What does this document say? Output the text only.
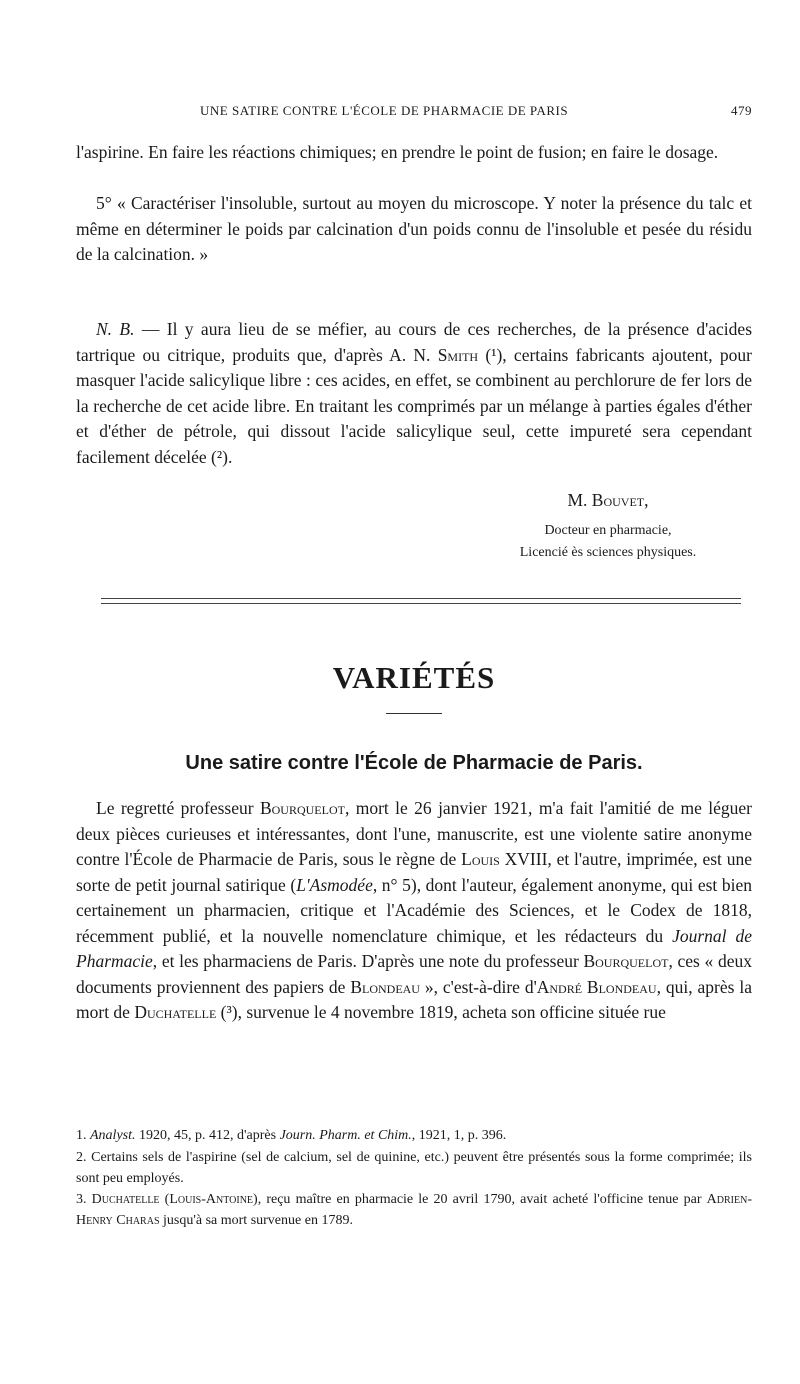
UNE SATIRE CONTRE L'ÉCOLE DE PHARMACIE DE PARIS	479

l'aspirine. En faire les réactions chimiques; en prendre le point de fusion; en faire le dosage.

5° « Caractériser l'insoluble, surtout au moyen du microscope. Y noter la présence du talc et même en déterminer le poids par calcination d'un poids connu de l'insoluble et pesée du résidu de la calcination. »

N. B. — Il y aura lieu de se méfier, au cours de ces recherches, de la présence d'acides tartrique ou citrique, produits que, d'après A. N. Smith (¹), certains fabricants ajoutent, pour masquer l'acide salicylique libre : ces acides, en effet, se combinent au perchlorure de fer lors de la recherche de cet acide libre. En traitant les comprimés par un mélange à parties égales d'éther et d'éther de pétrole, qui dissout l'acide salicylique seul, cette impureté sera cependant facilement décelée (²).

M. Bouvet,
Docteur en pharmacie,
Licencié ès sciences physiques.
VARIÉTÉS
Une satire contre l'École de Pharmacie de Paris.

Le regretté professeur Bourquelot, mort le 26 janvier 1921, m'a fait l'amitié de me léguer deux pièces curieuses et intéressantes, dont l'une, manuscrite, est une violente satire anonyme contre l'École de Pharmacie de Paris, sous le règne de Louis XVIII, et l'autre, imprimée, est une sorte de petit journal satirique (L'Asmodée, n° 5), dont l'auteur, également anonyme, qui est bien certainement un pharmacien, critique et l'Académie des Sciences, et le Codex de 1818, récemment publié, et la nouvelle nomenclature chimique, et les rédacteurs du Journal de Pharmacie, et les pharmaciens de Paris. D'après une note du professeur Bourquelot, ces « deux documents proviennent des papiers de Blondeau », c'est-à-dire d'André Blondeau, qui, après la mort de Duchatelle (³), survenue le 4 novembre 1819, acheta son officine située rue

1. Analyst. 1920, 45, p. 412, d'après Journ. Pharm. et Chim., 1921, 1, p. 396.

2. Certains sels de l'aspirine (sel de calcium, sel de quinine, etc.) peuvent être présentés sous la forme comprimée; ils sont peu employés.

3. Duchatelle (Louis-Antoine), reçu maître en pharmacie le 20 avril 1790, avait acheté l'officine tenue par Adrien-Henry Charas jusqu'à sa mort survenue en 1789.
